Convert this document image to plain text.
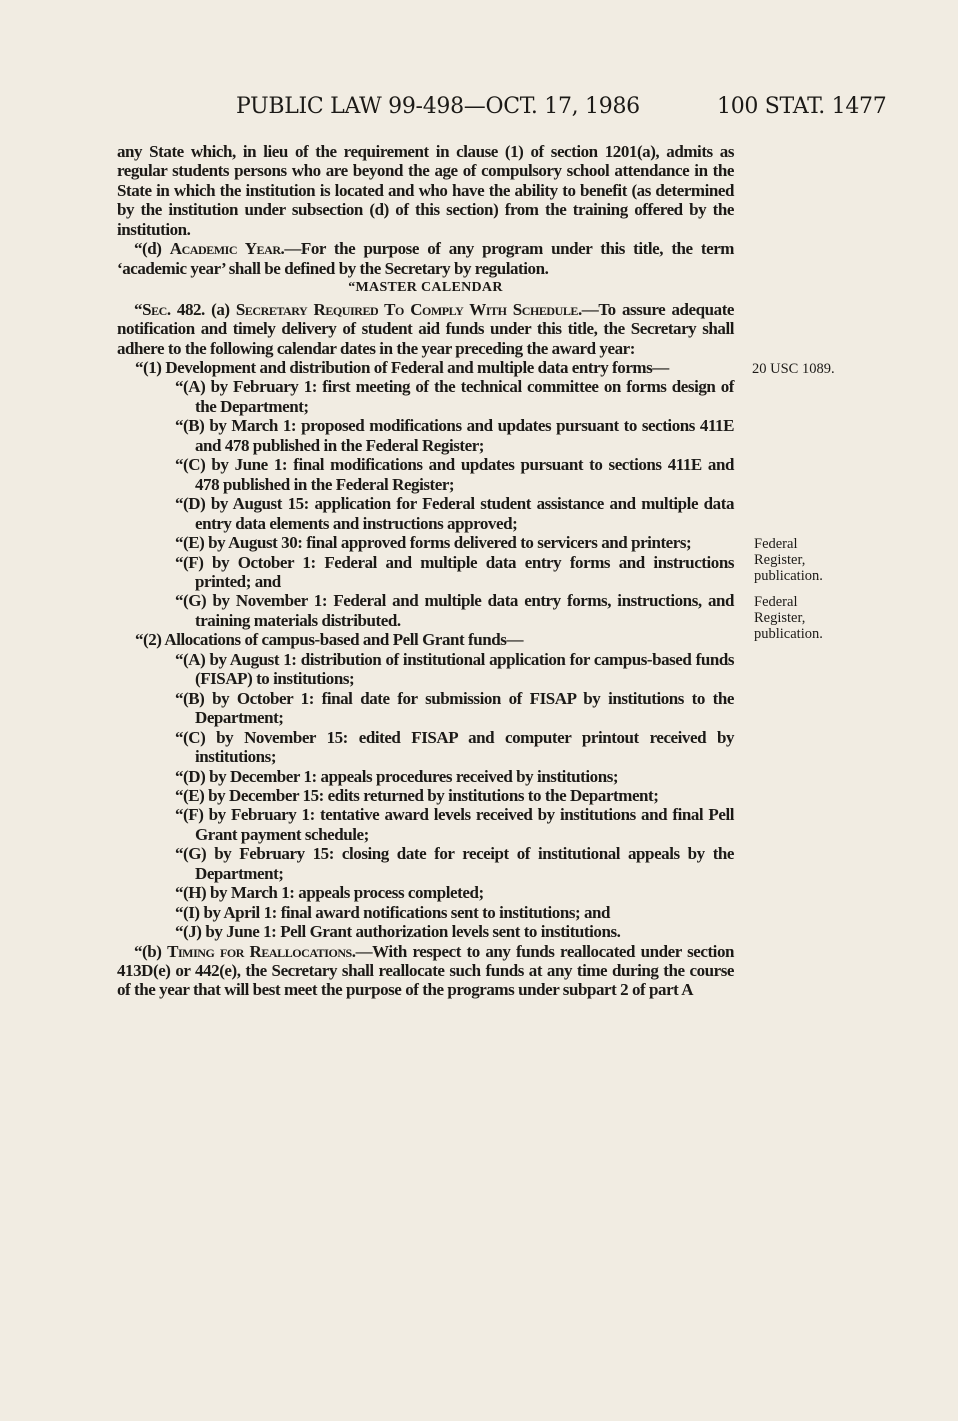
PUBLIC LAW 99-498—OCT. 17, 1986	100 STAT. 1477

any State which, in lieu of the requirement in clause (1) of section 1201(a), admits as regular students persons who are beyond the age of compulsory school attendance in the State in which the institution is located and who have the ability to benefit (as determined by the institution under subsection (d) of this section) from the training offered by the institution.

“(d) Academic Year.—For the purpose of any program under this title, the term ‘academic year’ shall be defined by the Secretary by regulation.

“MASTER CALENDAR

“Sec. 482. (a) Secretary Required To Comply With Schedule.—To assure adequate notification and timely delivery of student aid funds under this title, the Secretary shall adhere to the following calendar dates in the year preceding the award year:

“(1) Development and distribution of Federal and multiple data entry forms—

“(A) by February 1: first meeting of the technical committee on forms design of the Department;

“(B) by March 1: proposed modifications and updates pursuant to sections 411E and 478 published in the Federal Register;

“(C) by June 1: final modifications and updates pursuant to sections 411E and 478 published in the Federal Register;

“(D) by August 15: application for Federal student assistance and multiple data entry data elements and instructions approved;

“(E) by August 30: final approved forms delivered to servicers and printers;

“(F) by October 1: Federal and multiple data entry forms and instructions printed; and

“(G) by November 1: Federal and multiple data entry forms, instructions, and training materials distributed.

“(2) Allocations of campus-based and Pell Grant funds—

“(A) by August 1: distribution of institutional application for campus-based funds (FISAP) to institutions;

“(B) by October 1: final date for submission of FISAP by institutions to the Department;

“(C) by November 15: edited FISAP and computer printout received by institutions;

“(D) by December 1: appeals procedures received by institutions;

“(E) by December 15: edits returned by institutions to the Department;

“(F) by February 1: tentative award levels received by institutions and final Pell Grant payment schedule;

“(G) by February 15: closing date for receipt of institutional appeals by the Department;

“(H) by March 1: appeals process completed;

“(I) by April 1: final award notifications sent to institutions; and

“(J) by June 1: Pell Grant authorization levels sent to institutions.

“(b) Timing for Reallocations.—With respect to any funds reallocated under section 413D(e) or 442(e), the Secretary shall reallocate such funds at any time during the course of the year that will best meet the purpose of the programs under subpart 2 of part A

20 USC 1089.
Federal
Register,
publication.
Federal
Register,
publication.
